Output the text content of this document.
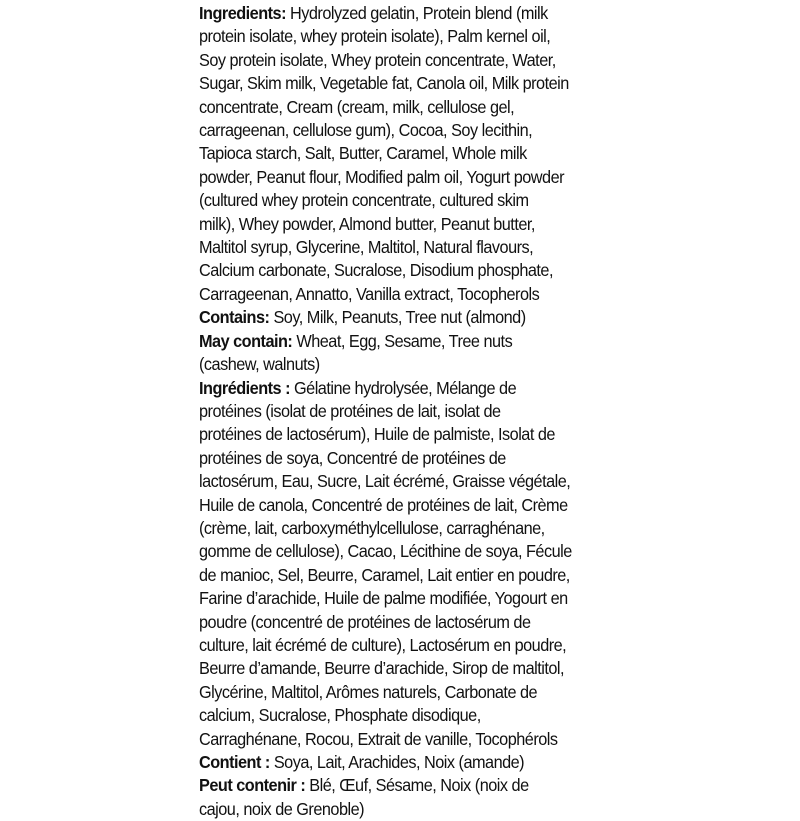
Ingredients: Hydrolyzed gelatin, Protein blend (milk
protein isolate, whey protein isolate), Palm kernel oil,
Soy protein isolate, Whey protein concentrate, Water,
Sugar, Skim milk, Vegetable fat, Canola oil, Milk protein
concentrate, Cream (cream, milk, cellulose gel,
carrageenan, cellulose gum), Cocoa, Soy lecithin,
Tapioca starch, Salt, Butter, Caramel, Whole milk
powder, Peanut flour, Modified palm oil, Yogurt powder
(cultured whey protein concentrate, cultured skim
milk), Whey powder, Almond butter, Peanut butter,
Maltitol syrup, Glycerine, Maltitol, Natural flavours,
Calcium carbonate, Sucralose, Disodium phosphate,
Carrageenan, Annatto, Vanilla extract, Tocopherols
Contains: Soy, Milk, Peanuts, Tree nut (almond)
May contain: Wheat, Egg, Sesame, Tree nuts
(cashew, walnuts)
Ingrédients : Gélatine hydrolysée, Mélange de
protéines (isolat de protéines de lait, isolat de
protéines de lactosérum), Huile de palmiste, Isolat de
protéines de soya, Concentré de protéines de
lactosérum, Eau, Sucre, Lait écrémé, Graisse végétale,
Huile de canola, Concentré de protéines de lait, Crème
(crème, lait, carboxyméthylcellulose, carraghénane,
gomme de cellulose), Cacao, Lécithine de soya, Fécule
de manioc, Sel, Beurre, Caramel, Lait entier en poudre,
Farine d’arachide, Huile de palme modifiée, Yogourt en
poudre (concentré de protéines de lactosérum de
culture, lait écrémé de culture), Lactosérum en poudre,
Beurre d’amande, Beurre d’arachide, Sirop de maltitol,
Glycérine, Maltitol, Arômes naturels, Carbonate de
calcium, Sucralose, Phosphate disodique,
Carraghénane, Rocou, Extrait de vanille, Tocophérols
Contient : Soya, Lait, Arachides, Noix (amande)
Peut contenir : Blé, Œuf, Sésame, Noix (noix de
cajou, noix de Grenoble)
